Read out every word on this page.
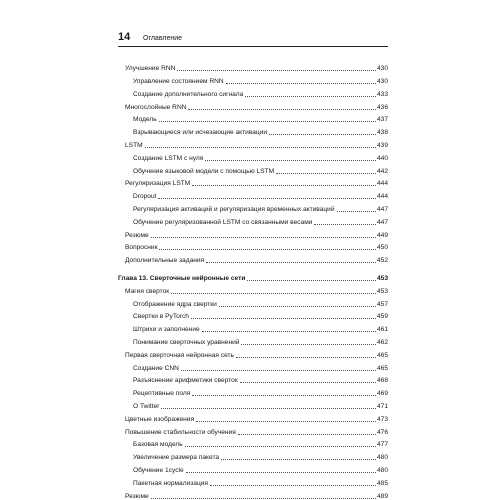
14	Оглавление
Улучшение RNN	430
Управление состоянием RNN	430
Создание дополнительного сигнала	433
Многослойные RNN	436
Модель	437
Взрывающиеся или исчезающие активации	438
LSTM	439
Создание LSTM с нуля	440
Обучение языковой модели с помощью LSTM	442
Регуляризация LSTM	444
Dropout	444
Регуляризация активаций и регуляризация временных активаций	447
Обучение регуляризованной LSTM со связанными весами	447
Резюме	449
Вопросник	450
Дополнительные задания	452
Глава 13. Сверточные нейронные сети	453
Магия сверток	453
Отображение ядра свертки	457
Свертки в PyTorch	459
Штрихи и заполнение	461
Понимание сверточных уравнений	462
Первая сверточная нейронная сеть	465
Создание CNN	465
Разъяснение арифметики сверток	468
Рецептивные поля	469
О Twitter	471
Цветные изображения	473
Повышение стабильности обучения	476
Базовая модель	477
Увеличение размера пакета	480
Обучение 1cycle	480
Пакетная нормализация	485
Резюме	489
